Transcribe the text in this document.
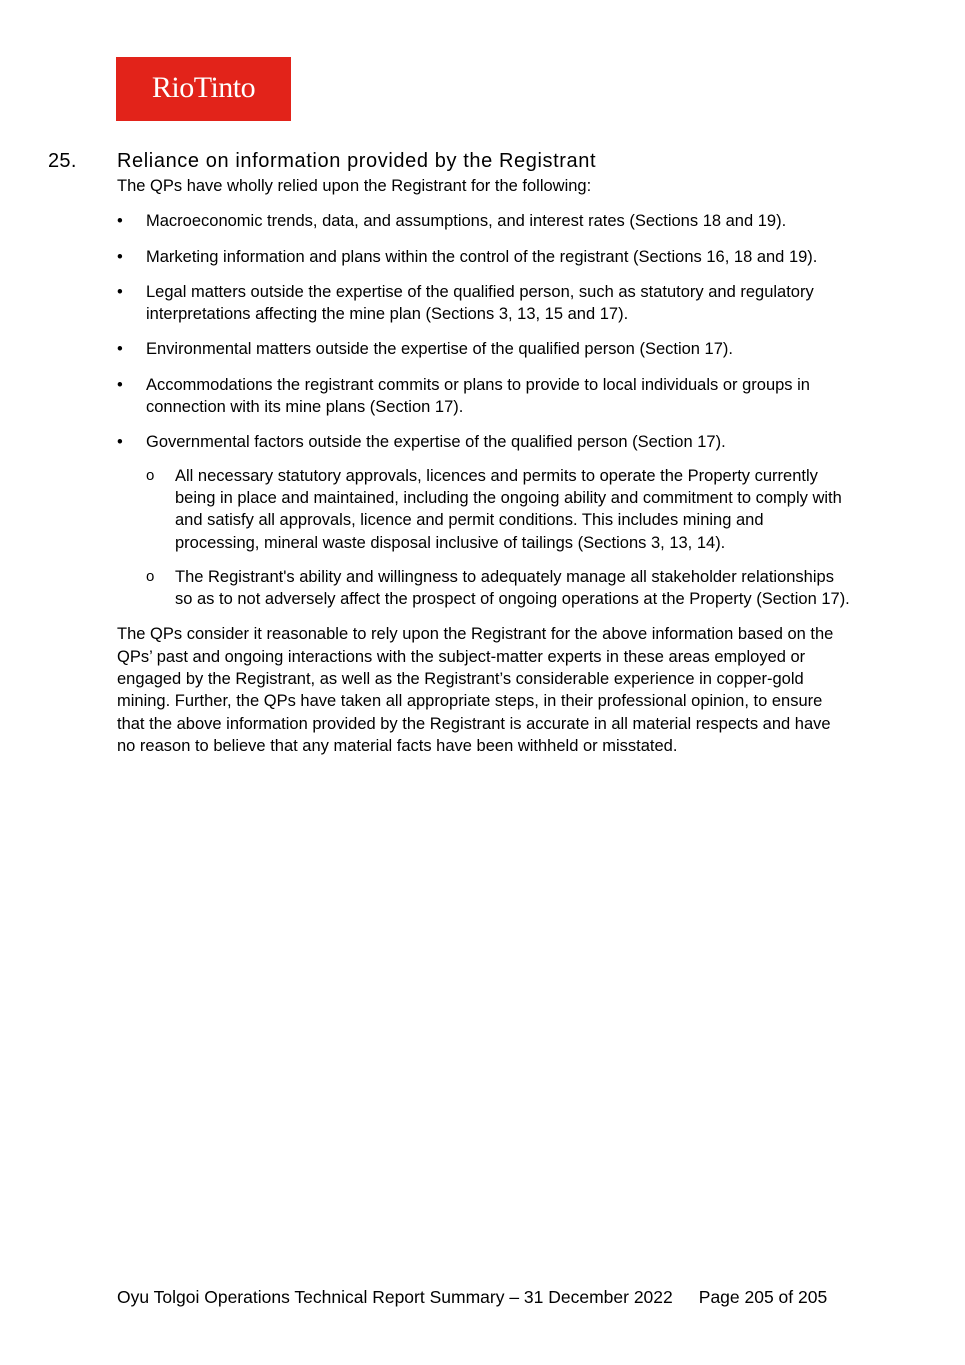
RioTinto
25. Reliance on information provided by the Registrant

The QPs have wholly relied upon the Registrant for the following:

• Macroeconomic trends, data, and assumptions, and interest rates (Sections 18 and 19).
• Marketing information and plans within the control of the registrant (Sections 16, 18 and 19).
• Legal matters outside the expertise of the qualified person, such as statutory and regulatory interpretations affecting the mine plan (Sections 3, 13, 15 and 17).
• Environmental matters outside the expertise of the qualified person (Section 17).
• Accommodations the registrant commits or plans to provide to local individuals or groups in connection with its mine plans (Section 17).
• Governmental factors outside the expertise of the qualified person (Section 17).
o All necessary statutory approvals, licences and permits to operate the Property currently being in place and maintained, including the ongoing ability and commitment to comply with and satisfy all approvals, licence and permit conditions. This includes mining and processing, mineral waste disposal inclusive of tailings (Sections 3, 13, 14).
o The Registrant's ability and willingness to adequately manage all stakeholder relationships so as to not adversely affect the prospect of ongoing operations at the Property (Section 17).

The QPs consider it reasonable to rely upon the Registrant for the above information based on the QPs’ past and ongoing interactions with the subject-matter experts in these areas employed or engaged by the Registrant, as well as the Registrant’s considerable experience in copper-gold mining. Further, the QPs have taken all appropriate steps, in their professional opinion, to ensure that the above information provided by the Registrant is accurate in all material respects and have no reason to believe that any material facts have been withheld or misstated.

Oyu Tolgoi Operations Technical Report Summary – 31 December 2022 Page 205 of 205
